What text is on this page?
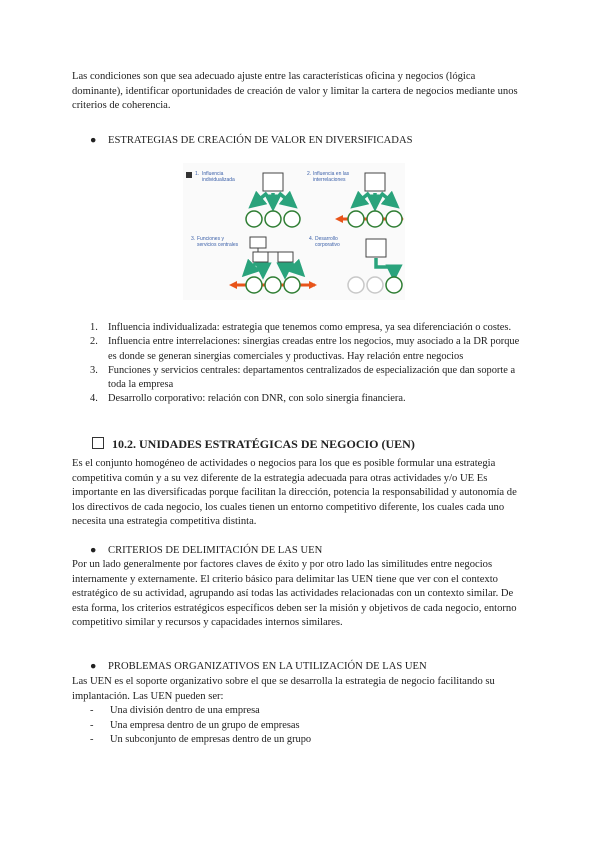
Las condiciones son que sea adecuado ajuste entre las características oficina y negocios (lógica dominante), identificar oportunidades de creación de valor y limitar la cartera de negocios mediante unos criterios de coherencia.

● ESTRATEGIAS DE CREACIÓN DE VALOR EN DIVERSIFICADAS
1. Influencia
individualizada
2. Influencia en las
interrelaciones
3. Funciones y
servicios centrales
4. Desarrollo
corporativo
1. Influencia individualizada: estrategia que tenemos como empresa, ya sea diferenciación o costes.
2. Influencia entre interrelaciones: sinergias creadas entre los negocios, muy asociado a la DR porque es donde se generan sinergias comerciales y productivas. Hay relación entre negocios
3. Funciones y servicios centrales: departamentos centralizados de especialización que dan soporte a toda la empresa
4. Desarrollo corporativo: relación con DNR, con solo sinergia financiera.
10.2. UNIDADES ESTRATÉGICAS DE NEGOCIO (UEN)

Es el conjunto homogéneo de actividades o negocios para los que es posible formular una estrategia competitiva común y a su vez diferente de la estrategia adecuada para otras actividades y/o UE Es importante en las diversificadas porque facilitan la dirección, potencia la responsabilidad y autonomía de los directivos de cada negocio, los cuales tienen un entorno competitivo diferente, los cuales cada uno necesita una estrategia competitiva distinta.

● CRITERIOS DE DELIMITACIÓN DE LAS UEN

Por un lado generalmente por factores claves de éxito y por otro lado las similitudes entre negocios internamente y externamente. El criterio básico para delimitar las UEN tiene que ver con el contexto estratégico de su actividad, agrupando así todas las actividades relacionadas con un contexto similar. De esta forma, los criterios estratégicos específicos deben ser la misión y objetivos de cada negocio, entorno competitivo similar y recursos y capacidades internos similares.

● PROBLEMAS ORGANIZATIVOS EN LA UTILIZACIÓN DE LAS UEN

Las UEN es el soporte organizativo sobre el que se desarrolla la estrategia de negocio facilitando su implantación. Las UEN pueden ser:

- Una división dentro de una empresa
- Una empresa dentro de un grupo de empresas
- Un subconjunto de empresas dentro de un grupo
